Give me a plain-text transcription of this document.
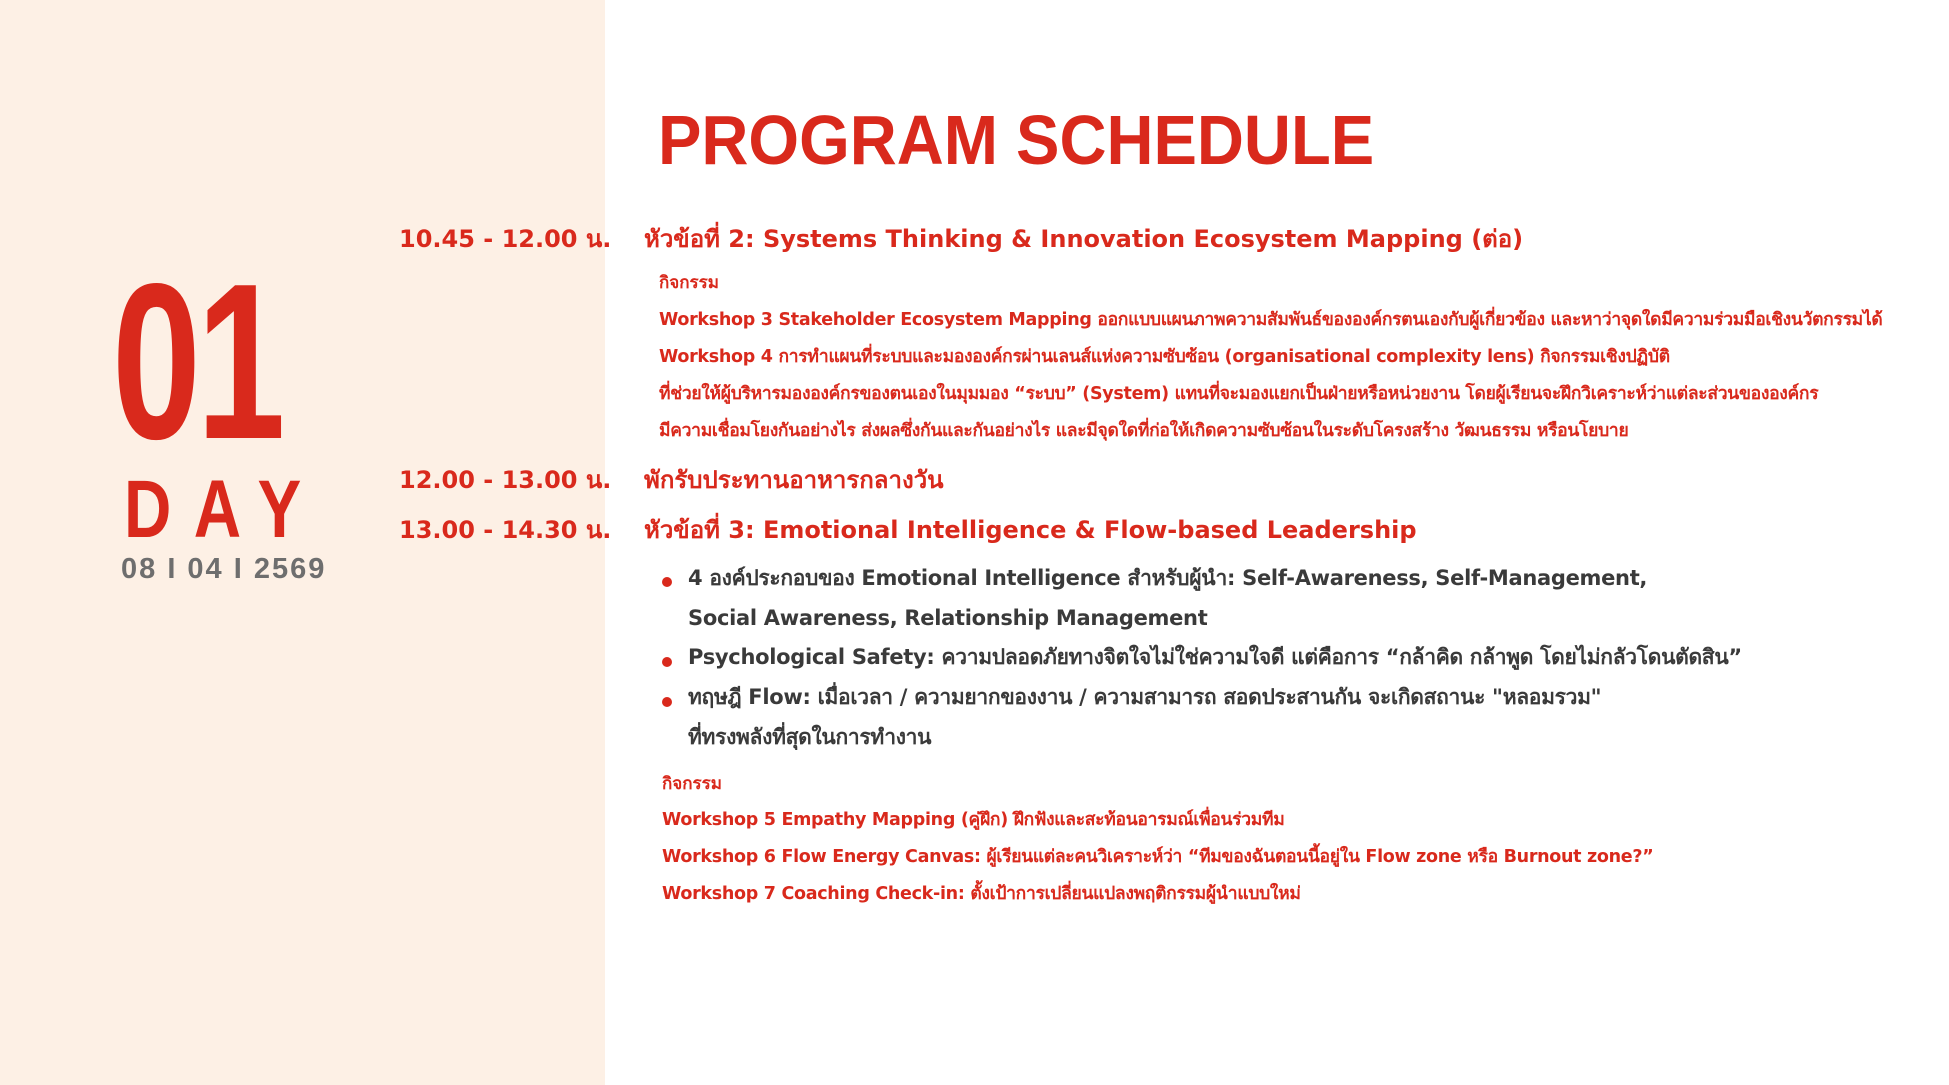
01
DAY
08 I 04 I 2569
PROGRAM SCHEDULE
10.45 - 12.00 น. หัวข้อที่ 2: Systems Thinking & Innovation Ecosystem Mapping (ต่อ)
กิจกรรม
Workshop 3 Stakeholder Ecosystem Mapping ออกแบบแผนภาพความสัมพันธ์ขององค์กรตนเองกับผู้เกี่ยวข้อง และหาว่าจุดใดมีความร่วมมือเชิงนวัตกรรมได้
Workshop 4 การทำแผนที่ระบบและมององค์กรผ่านเลนส์แห่งความซับซ้อน (organisational complexity lens) กิจกรรมเชิงปฏิบัติ
ที่ช่วยให้ผู้บริหารมององค์กรของตนเองในมุมมอง “ระบบ” (System) แทนที่จะมองแยกเป็นฝ่ายหรือหน่วยงาน โดยผู้เรียนจะฝึกวิเคราะห์ว่าแต่ละส่วนขององค์กร
มีความเชื่อมโยงกันอย่างไร ส่งผลซึ่งกันและกันอย่างไร และมีจุดใดที่ก่อให้เกิดความซับซ้อนในระดับโครงสร้าง วัฒนธรรม หรือนโยบาย
12.00 - 13.00 น. พักรับประทานอาหารกลางวัน
13.00 - 14.30 น. หัวข้อที่ 3: Emotional Intelligence & Flow-based Leadership
4 องค์ประกอบของ Emotional Intelligence สำหรับผู้นำ: Self-Awareness, Self-Management,
Social Awareness, Relationship Management
Psychological Safety: ความปลอดภัยทางจิตใจไม่ใช่ความใจดี แต่คือการ “กล้าคิด กล้าพูด โดยไม่กลัวโดนตัดสิน”
ทฤษฎี Flow: เมื่อเวลา / ความยากของงาน / ความสามารถ สอดประสานกัน จะเกิดสถานะ "หลอมรวม"
ที่ทรงพลังที่สุดในการทำงาน
กิจกรรม
Workshop 5 Empathy Mapping (คู่ฝึก) ฝึกฟังและสะท้อนอารมณ์เพื่อนร่วมทีม
Workshop 6 Flow Energy Canvas: ผู้เรียนแต่ละคนวิเคราะห์ว่า “ทีมของฉันตอนนี้อยู่ใน Flow zone หรือ Burnout zone?”
Workshop 7 Coaching Check-in: ตั้งเป้าการเปลี่ยนแปลงพฤติกรรมผู้นำแบบใหม่
